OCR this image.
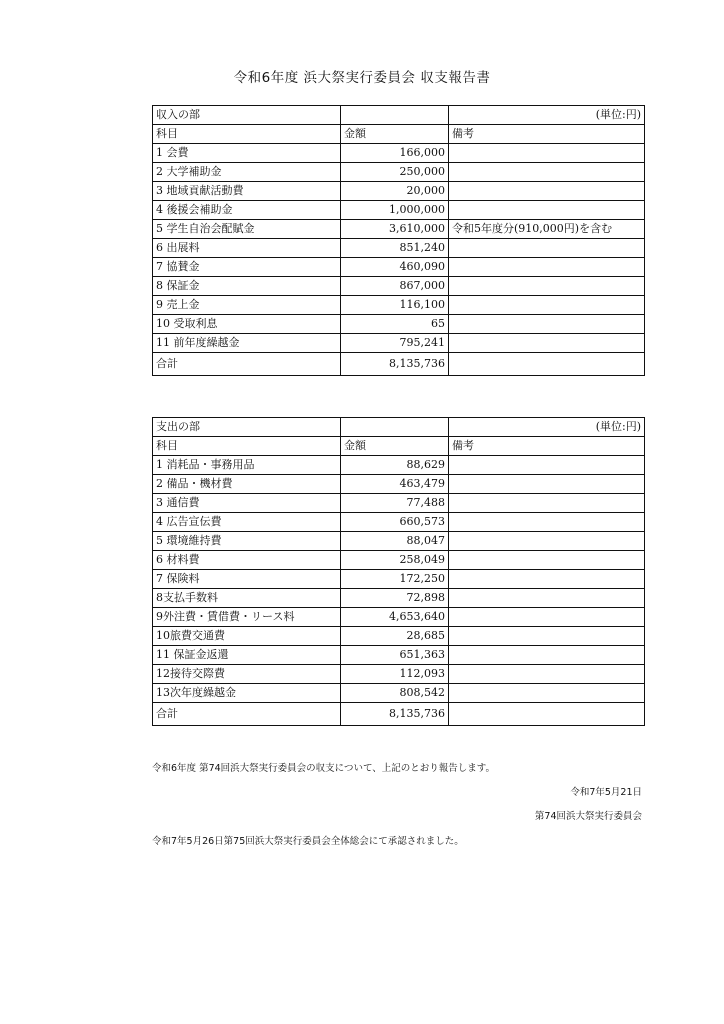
令和6年度 浜大祭実行委員会 収支報告書
収入の部		(単位:円)
科目	金額	備考
1 会費	166,000	
2 大学補助金	250,000	
3 地域貢献活動費	20,000	
4 後援会補助金	1,000,000	
5 学生自治会配賦金	3,610,000	令和5年度分(910,000円)を含む
6 出展料	851,240	
7 協賛金	460,090	
8 保証金	867,000	
9 売上金	116,100	
10 受取利息	65	
11 前年度繰越金	795,241	
合計	8,135,736	
支出の部		(単位:円)
科目	金額	備考
1 消耗品・事務用品	88,629	
2 備品・機材費	463,479	
3 通信費	77,488	
4 広告宣伝費	660,573	
5 環境維持費	88,047	
6 材料費	258,049	
7 保険料	172,250	
8支払手数料	72,898	
9外注費・賃借費・リース料	4,653,640	
10旅費交通費	28,685	
11 保証金返還	651,363	
12接待交際費	112,093	
13次年度繰越金	808,542	
合計	8,135,736	
令和6年度 第74回浜大祭実行委員会の収支について、上記のとおり報告します。
令和7年5月21日
第74回浜大祭実行委員会
令和7年5月26日第75回浜大祭実行委員会全体総会にて承認されました。
